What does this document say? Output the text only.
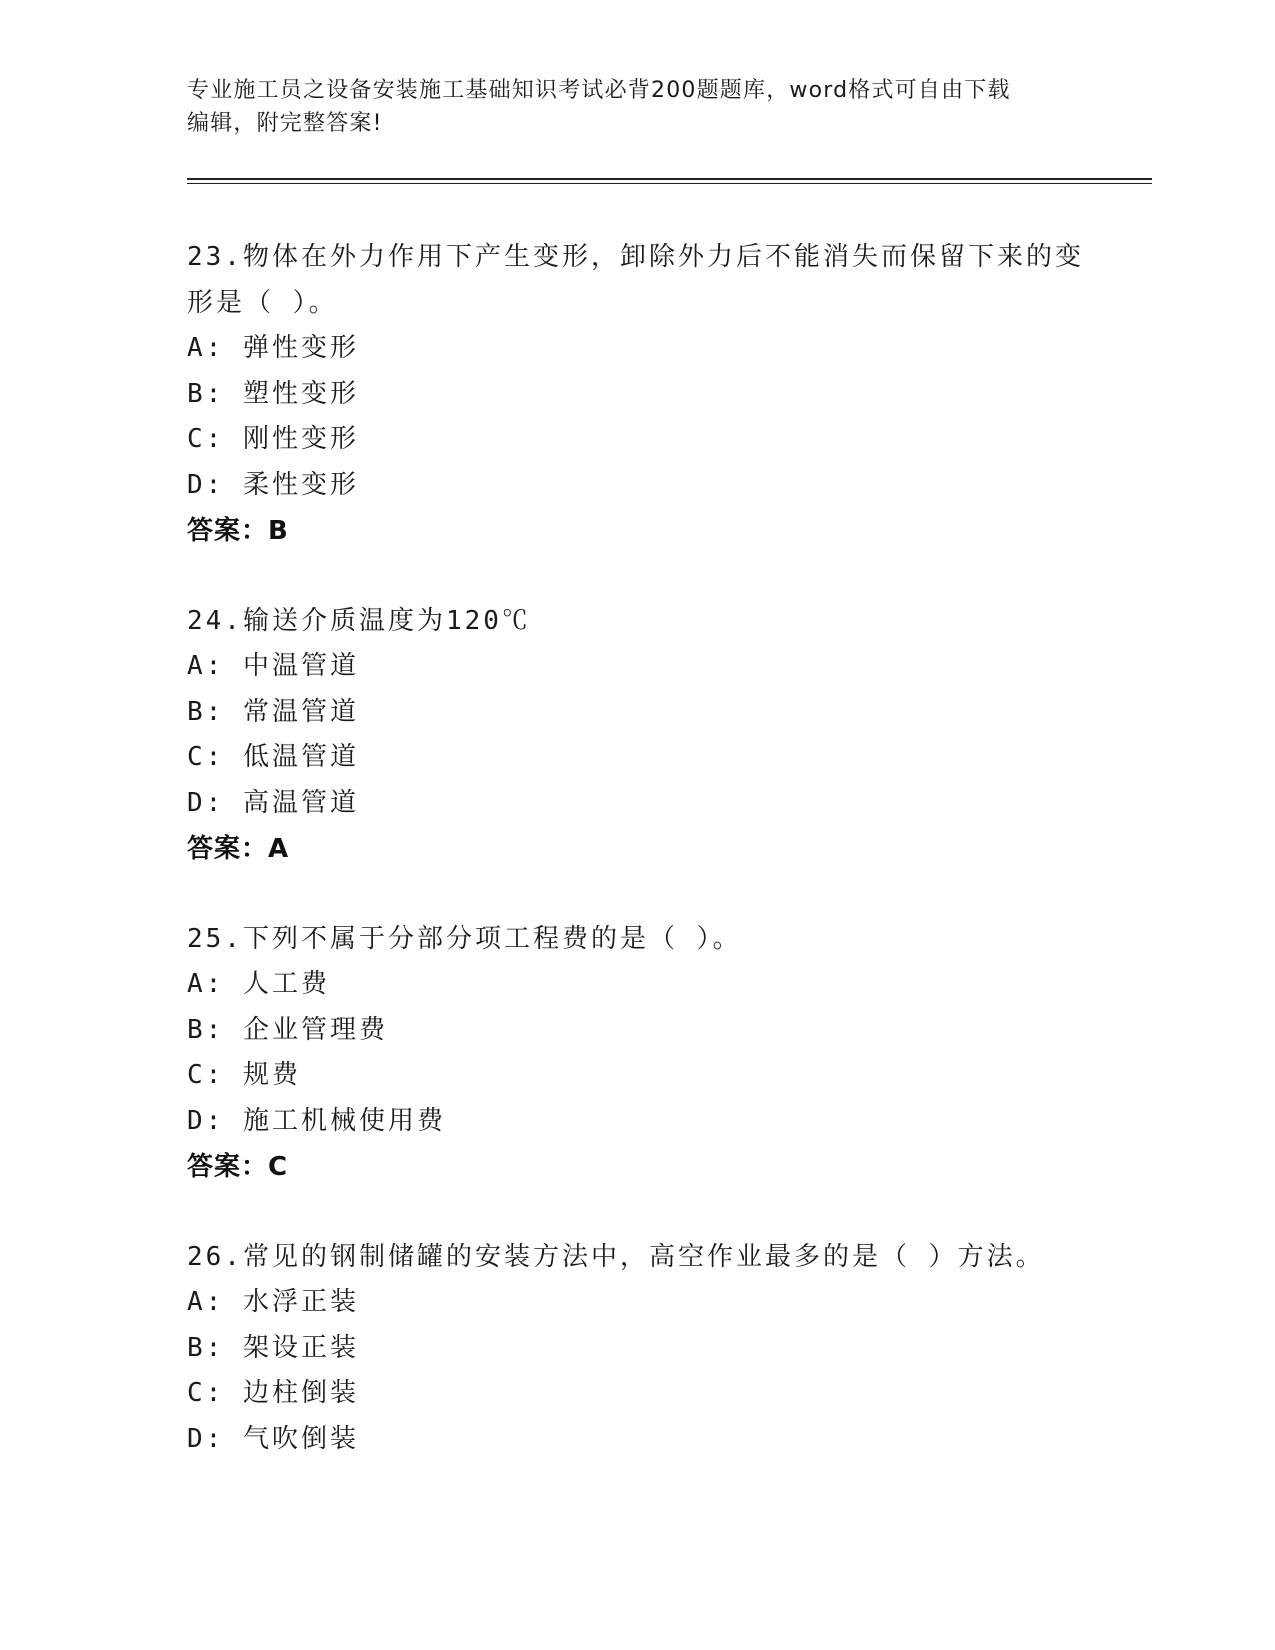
专业施工员之设备安装施工基础知识考试必背200题题库，word格式可自由下载
编辑，附完整答案!
23.物体在外力作用下产生变形，卸除外力后不能消失而保留下来的变
形是（ ）。
A: 弹性变形
B: 塑性变形
C: 刚性变形
D: 柔性变形
答案：B
24.输送介质温度为120℃
A: 中温管道
B: 常温管道
C: 低温管道
D: 高温管道
答案：A
25.下列不属于分部分项工程费的是（ ）。
A: 人工费
B: 企业管理费
C: 规费
D: 施工机械使用费
答案：C
26.常见的钢制储罐的安装方法中，高空作业最多的是（ ）方法。
A: 水浮正装
B: 架设正装
C: 边柱倒装
D: 气吹倒装
